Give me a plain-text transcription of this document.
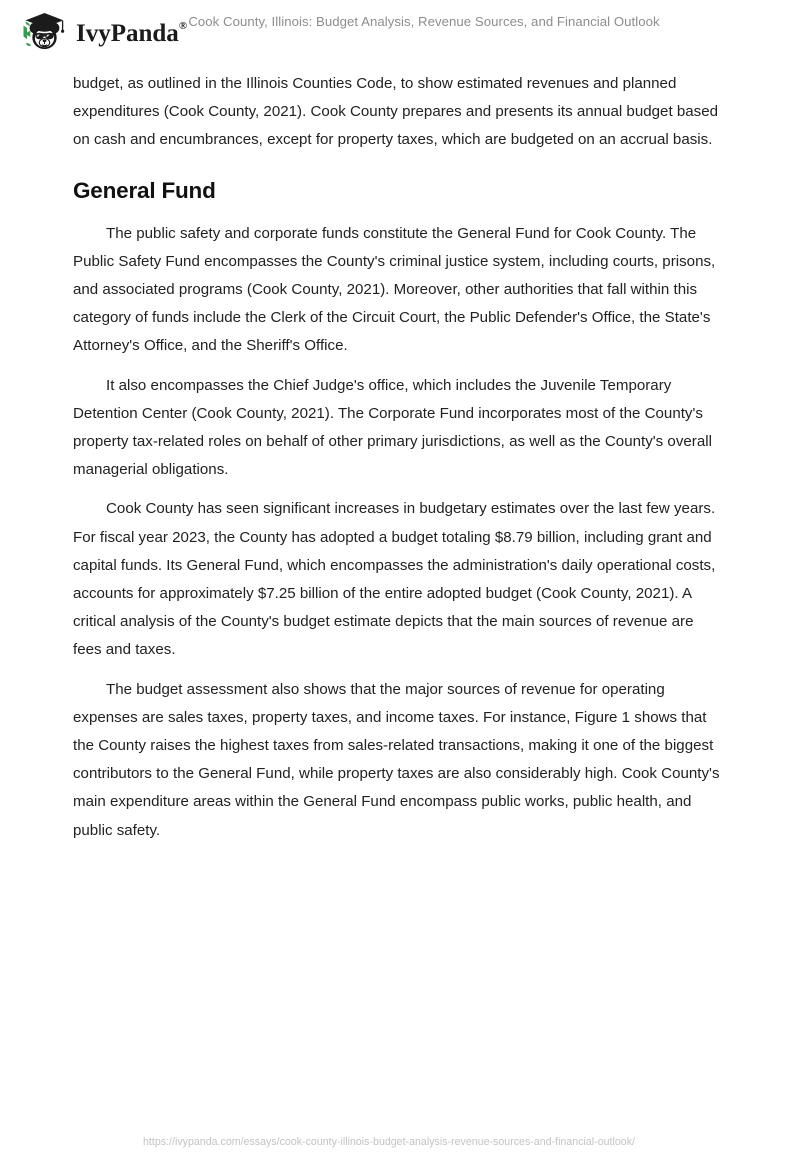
IvyPanda® Cook County, Illinois: Budget Analysis, Revenue Sources, and Financial Outlook

budget, as outlined in the Illinois Counties Code, to show estimated revenues and planned expenditures (Cook County, 2021). Cook County prepares and presents its annual budget based on cash and encumbrances, except for property taxes, which are budgeted on an accrual basis.

General Fund

The public safety and corporate funds constitute the General Fund for Cook County. The Public Safety Fund encompasses the County's criminal justice system, including courts, prisons, and associated programs (Cook County, 2021). Moreover, other authorities that fall within this category of funds include the Clerk of the Circuit Court, the Public Defender's Office, the State's Attorney's Office, and the Sheriff's Office.

It also encompasses the Chief Judge's office, which includes the Juvenile Temporary Detention Center (Cook County, 2021). The Corporate Fund incorporates most of the County's property tax-related roles on behalf of other primary jurisdictions, as well as the County's overall managerial obligations.

Cook County has seen significant increases in budgetary estimates over the last few years. For fiscal year 2023, the County has adopted a budget totaling $8.79 billion, including grant and capital funds. Its General Fund, which encompasses the administration's daily operational costs, accounts for approximately $7.25 billion of the entire adopted budget (Cook County, 2021). A critical analysis of the County's budget estimate depicts that the main sources of revenue are fees and taxes.

The budget assessment also shows that the major sources of revenue for operating expenses are sales taxes, property taxes, and income taxes. For instance, Figure 1 shows that the County raises the highest taxes from sales-related transactions, making it one of the biggest contributors to the General Fund, while property taxes are also considerably high. Cook County's main expenditure areas within the General Fund encompass public works, public health, and public safety.

https://ivypanda.com/essays/cook-county-illinois-budget-analysis-revenue-sources-and-financial-outlook/
